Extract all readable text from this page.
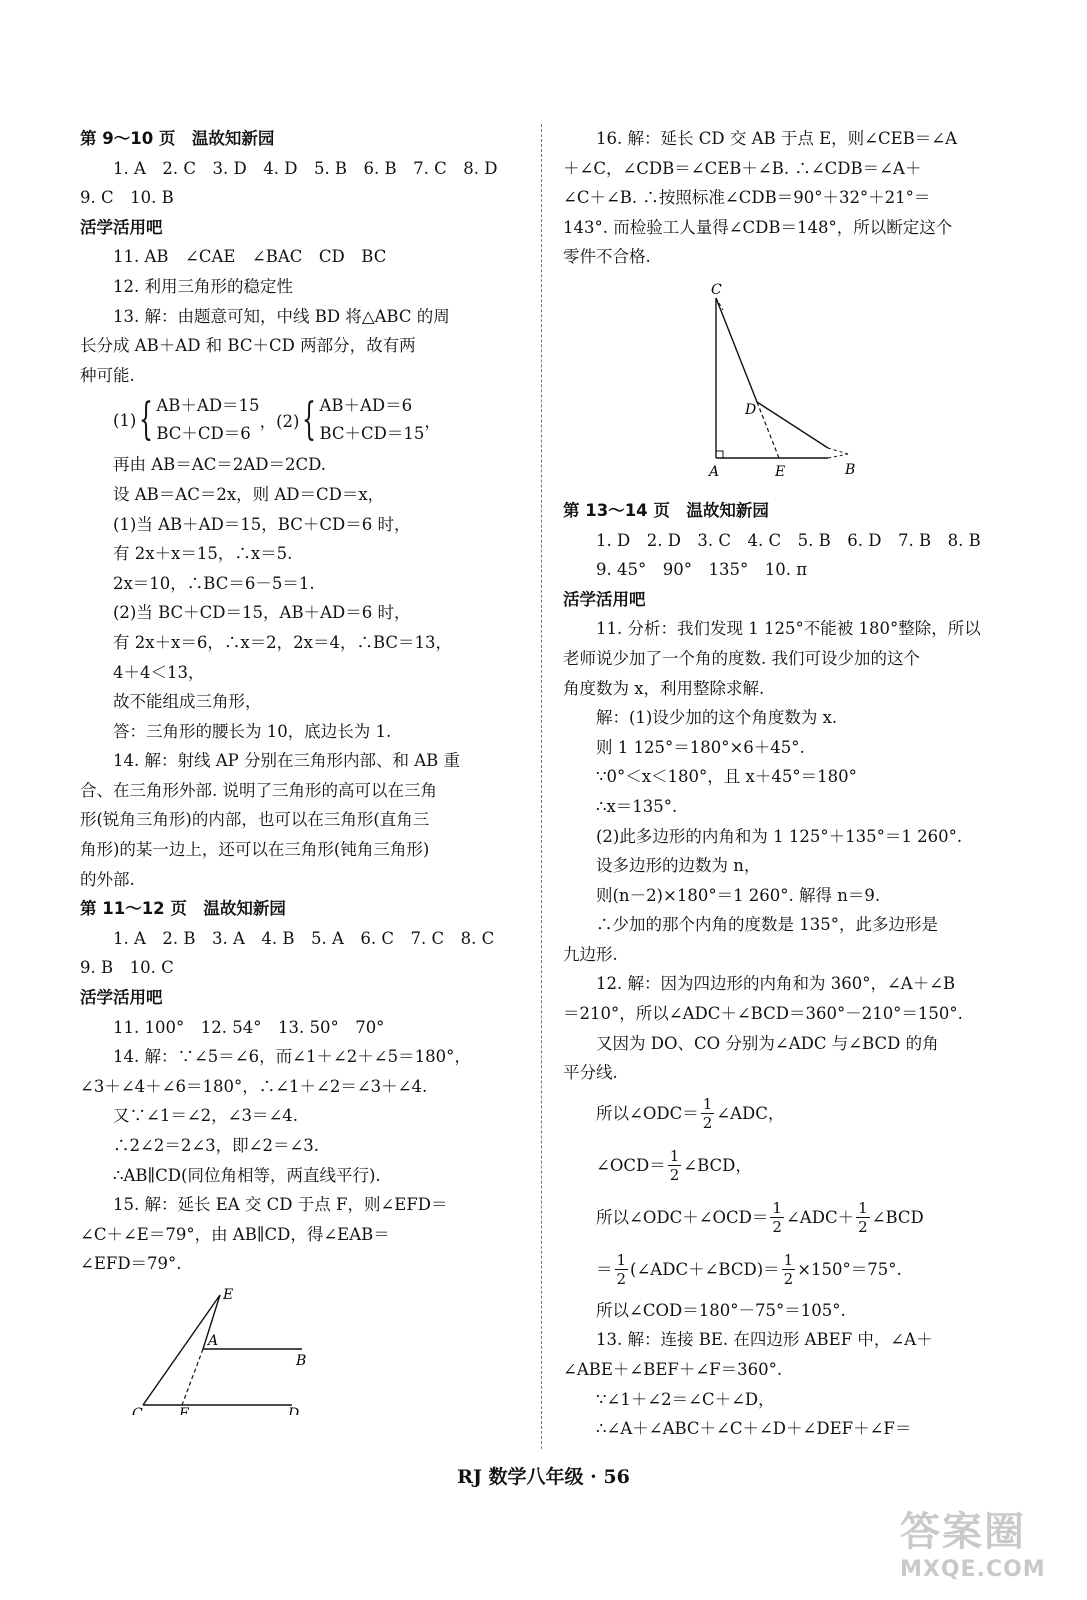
第 9～10 页　温故知新园
1. A　2. C　3. D　4. D　5. B　6. B　7. C　8. D
9. C　10. B
活学活用吧
11. AB　∠CAE　∠BAC　CD　BC
12. 利用三角形的稳定性
13. 解：由题意可知，中线 BD 将△ABC 的周
长分成 AB＋AD 和 BC＋CD 两部分，故有两
种可能.
(1) { AB＋AD＝15
BC＋CD＝6
，(2) { AB＋AD＝6
BC＋CD＝15
，
再由 AB＝AC＝2AD＝2CD.
设 AB＝AC＝2x，则 AD＝CD＝x，
(1)当 AB＋AD＝15，BC＋CD＝6 时，
有 2x＋x＝15，∴x＝5.
2x＝10，∴BC＝6－5＝1.
(2)当 BC＋CD＝15，AB＋AD＝6 时，
有 2x＋x＝6，∴x＝2，2x＝4，∴BC＝13，
4＋4＜13，
故不能组成三角形，
答：三角形的腰长为 10，底边长为 1.
14. 解：射线 AP 分别在三角形内部、和 AB 重
合、在三角形外部. 说明了三角形的高可以在三角
形(锐角三角形)的内部，也可以在三角形(直角三
角形)的某一边上，还可以在三角形(钝角三角形)
的外部.
第 11～12 页　温故知新园
1. A　2. B　3. A　4. B　5. A　6. C　7. C　8. C
9. B　10. C
活学活用吧
11. 100°　12. 54°　13. 50°　70°
14. 解：∵∠5＝∠6，而∠1＋∠2＋∠5＝180°，
∠3＋∠4＋∠6＝180°，∴∠1＋∠2＝∠3＋∠4.
又∵∠1＝∠2，∠3＝∠4.
∴2∠2＝2∠3，即∠2＝∠3.
∴AB∥CD(同位角相等，两直线平行).
15. 解：延长 EA 交 CD 于点 F，则∠EFD＝
∠C＋∠E＝79°，由 AB∥CD，得∠EAB＝
∠EFD＝79°.
E
A
B
C	F	D
16. 解：延长 CD 交 AB 于点 E，则∠CEB＝∠A
＋∠C，∠CDB＝∠CEB＋∠B. ∴∠CDB＝∠A＋
∠C＋∠B. ∴按照标准∠CDB＝90°＋32°＋21°＝
143°. 而检验工人量得∠CDB＝148°，所以断定这个
零件不合格.
C
D
A	E	B
第 13～14 页　温故知新园
1. D　2. D　3. C　4. C　5. B　6. D　7. B　8. B
9. 45°　90°　135°　10. π
活学活用吧
11. 分析：我们发现 1 125°不能被 180°整除，所以
老师说少加了一个角的度数. 我们可设少加的这个
角度数为 x，利用整除求解.
解：(1)设少加的这个角度数为 x.
则 1 125°＝180°×6＋45°.
∵0°＜x＜180°，且 x＋45°＝180°
∴x＝135°.
(2)此多边形的内角和为 1 125°＋135°＝1 260°.
设多边形的边数为 n，
则(n－2)×180°＝1 260°. 解得 n＝9.
∴少加的那个内角的度数是 135°，此多边形是
九边形.
12. 解：因为四边形的内角和为 360°，∠A＋∠B
＝210°，所以∠ADC＋∠BCD＝360°－210°＝150°.
又因为 DO、CO 分别为∠ADC 与∠BCD 的角
平分线.
所以∠ODC＝ $\frac{1}{2}$ ∠ADC，
∠OCD＝ $\frac{1}{2}$ ∠BCD，
所以∠ODC＋∠OCD＝ $\frac{1}{2}$ ∠ADC＋ $\frac{1}{2}$ ∠BCD
＝ $\frac{1}{2}$ (∠ADC＋∠BCD)＝ $\frac{1}{2} \times 150^\circ=75^\circ$.
所以∠COD＝180°－75°＝105°.
13. 解：连接 BE. 在四边形 ABEF 中，∠A＋
∠ABE＋∠BEF＋∠F＝360°.
∵∠1＋∠2＝∠C＋∠D，
∴∠A＋∠ABC＋∠C＋∠D＋∠DEF＋∠F＝
RJ 数学八年级 · 56
答案圈
MXQE.COM
